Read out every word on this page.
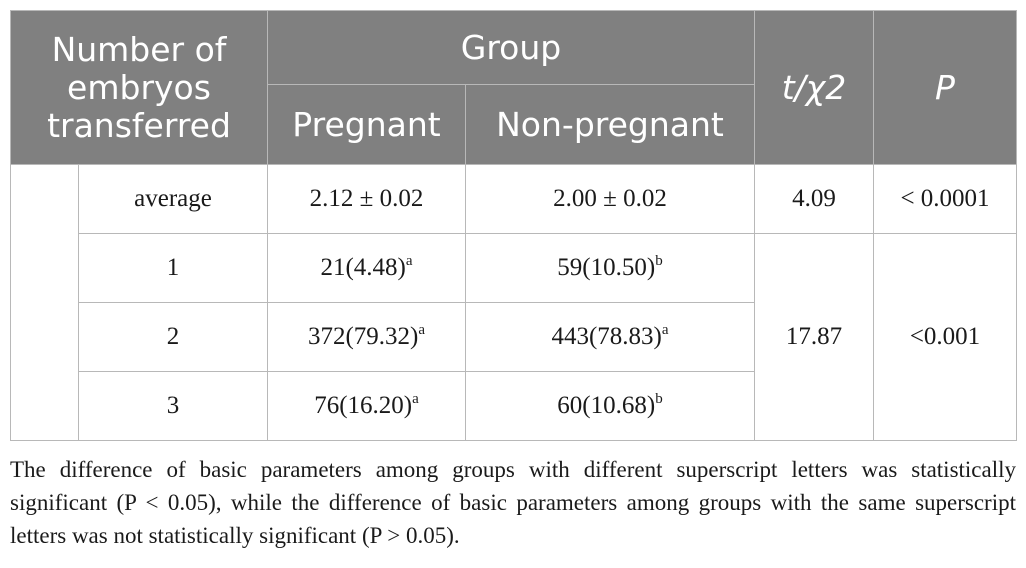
Number of embryos transferred		Group		t/χ2	P
		Pregnant	Non-pregnant		
	average	2.12 ± 0.02	2.00 ± 0.02	4.09	< 0.0001
	1	$21(4.48)^a$	$59(10.50)^b$	17.87	<0.001
	2	$372(79.32)^a$	$443(78.83)^a$
	3	$76(16.20)^a$	$60(10.68)^b$
The difference of basic parameters among groups with different superscript letters was statistically significant (P < 0.05), while the difference of basic parameters among groups with the same superscript letters was not statistically significant (P > 0.05).
